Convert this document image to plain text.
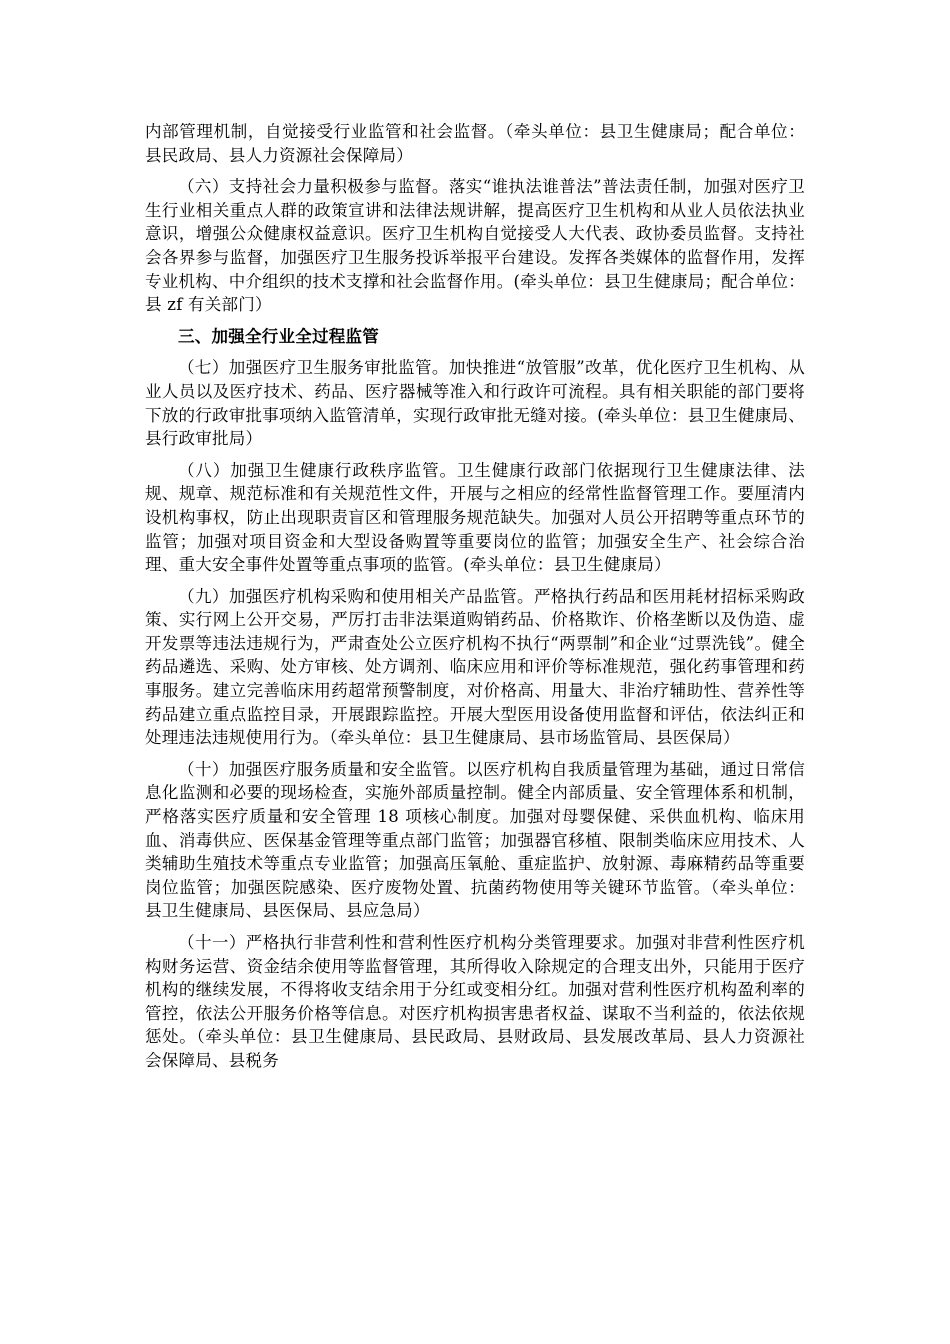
内部管理机制，自觉接受行业监管和社会监督。（牵头单位：县卫生健康局；配合单位：县民政局、县人力资源社会保障局）

（六）支持社会力量积极参与监督。落实“谁执法谁普法”普法责任制，加强对医疗卫生行业相关重点人群的政策宣讲和法律法规讲解，提高医疗卫生机构和从业人员依法执业意识，增强公众健康权益意识。医疗卫生机构自觉接受人大代表、政协委员监督。支持社会各界参与监督，加强医疗卫生服务投诉举报平台建设。发挥各类媒体的监督作用，发挥专业机构、中介组织的技术支撑和社会监督作用。(牵头单位：县卫生健康局；配合单位：县 zf 有关部门）

三、加强全行业全过程监管

（七）加强医疗卫生服务审批监管。加快推进“放管服”改革，优化医疗卫生机构、从业人员以及医疗技术、药品、医疗器械等准入和行政许可流程。具有相关职能的部门要将下放的行政审批事项纳入监管清单，实现行政审批无缝对接。(牵头单位：县卫生健康局、县行政审批局）

（八）加强卫生健康行政秩序监管。卫生健康行政部门依据现行卫生健康法律、法规、规章、规范标准和有关规范性文件，开展与之相应的经常性监督管理工作。要厘清内设机构事权，防止出现职责盲区和管理服务规范缺失。加强对人员公开招聘等重点环节的监管；加强对项目资金和大型设备购置等重要岗位的监管；加强安全生产、社会综合治理、重大安全事件处置等重点事项的监管。(牵头单位：县卫生健康局）

（九）加强医疗机构采购和使用相关产品监管。严格执行药品和医用耗材招标采购政策、实行网上公开交易，严厉打击非法渠道购销药品、价格欺诈、价格垄断以及伪造、虚开发票等违法违规行为，严肃查处公立医疗机构不执行“两票制”和企业“过票洗钱”。健全药品遴选、采购、处方审核、处方调剂、临床应用和评价等标准规范，强化药事管理和药事服务。建立完善临床用药超常预警制度，对价格高、用量大、非治疗辅助性、营养性等药品建立重点监控目录，开展跟踪监控。开展大型医用设备使用监督和评估，依法纠正和处理违法违规使用行为。（牵头单位：县卫生健康局、县市场监管局、县医保局）

（十）加强医疗服务质量和安全监管。以医疗机构自我质量管理为基础，通过日常信息化监测和必要的现场检查，实施外部质量控制。健全内部质量、安全管理体系和机制，严格落实医疗质量和安全管理 18 项核心制度。加强对母婴保健、采供血机构、临床用血、消毒供应、医保基金管理等重点部门监管；加强器官移植、限制类临床应用技术、人类辅助生殖技术等重点专业监管；加强高压氧舱、重症监护、放射源、毒麻精药品等重要岗位监管；加强医院感染、医疗废物处置、抗菌药物使用等关键环节监管。（牵头单位：县卫生健康局、县医保局、县应急局）

（十一）严格执行非营利性和营利性医疗机构分类管理要求。加强对非营利性医疗机构财务运营、资金结余使用等监督管理，其所得收入除规定的合理支出外，只能用于医疗机构的继续发展，不得将收支结余用于分红或变相分红。加强对营利性医疗机构盈利率的管控，依法公开服务价格等信息。对医疗机构损害患者权益、谋取不当利益的，依法依规惩处。（牵头单位：县卫生健康局、县民政局、县财政局、县发展改革局、县人力资源社会保障局、县税务
